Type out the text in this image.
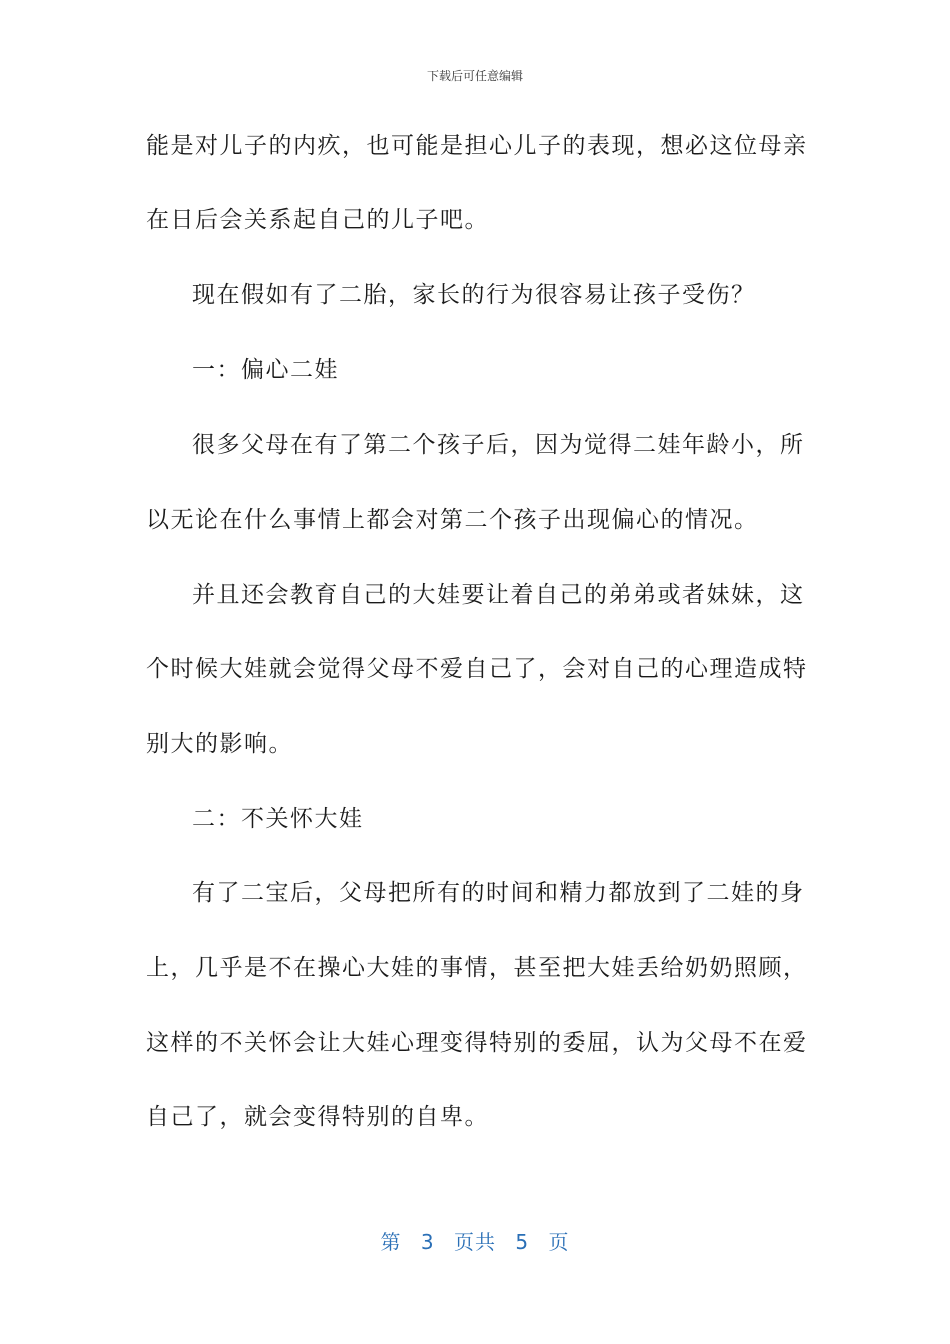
下载后可任意编辑
能是对儿子的内疚，也可能是担心儿子的表现，想必这位母亲
在日后会关系起自己的儿子吧。
现在假如有了二胎，家长的行为很容易让孩子受伤？
一：偏心二娃
很多父母在有了第二个孩子后，因为觉得二娃年龄小，所
以无论在什么事情上都会对第二个孩子出现偏心的情况。
并且还会教育自己的大娃要让着自己的弟弟或者妹妹，这
个时候大娃就会觉得父母不爱自己了，会对自己的心理造成特
别大的影响。
二：不关怀大娃
有了二宝后，父母把所有的时间和精力都放到了二娃的身
上，几乎是不在操心大娃的事情，甚至把大娃丢给奶奶照顾，
这样的不关怀会让大娃心理变得特别的委屈，认为父母不在爱
自己了，就会变得特别的自卑。
第 3 页共 5 页
